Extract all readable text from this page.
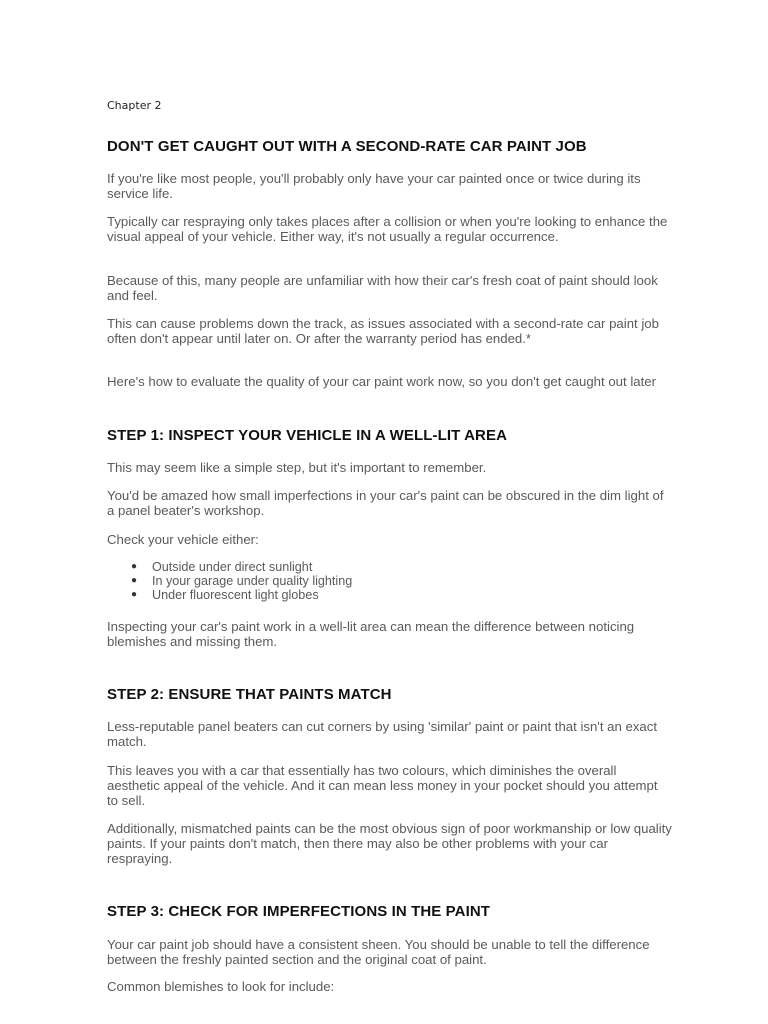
Chapter 2
DON'T GET CAUGHT OUT WITH A SECOND-RATE CAR PAINT JOB

If you're like most people, you'll probably only have your car painted once or twice during its service life.

Typically car respraying only takes places after a collision or when you're looking to enhance the visual appeal of your vehicle. Either way, it's not usually a regular occurrence.

Because of this, many people are unfamiliar with how their car's fresh coat of paint should look and feel.

This can cause problems down the track, as issues associated with a second-rate car paint job often don't appear until later on. Or after the warranty period has ended.*

Here's how to evaluate the quality of your car paint work now, so you don't get caught out later

STEP 1: INSPECT YOUR VEHICLE IN A WELL-LIT AREA

This may seem like a simple step, but it's important to remember.

You'd be amazed how small imperfections in your car's paint can be obscured in the dim light of a panel beater's workshop.

Check your vehicle either:

● Outside under direct sunlight
● In your garage under quality lighting
● Under fluorescent light globes

Inspecting your car's paint work in a well-lit area can mean the difference between noticing blemishes and missing them.

STEP 2: ENSURE THAT PAINTS MATCH

Less-reputable panel beaters can cut corners by using 'similar' paint or paint that isn't an exact match.

This leaves you with a car that essentially has two colours, which diminishes the overall aesthetic appeal of the vehicle. And it can mean less money in your pocket should you attempt to sell.

Additionally, mismatched paints can be the most obvious sign of poor workmanship or low quality paints. If your paints don't match, then there may also be other problems with your car respraying.

STEP 3: CHECK FOR IMPERFECTIONS IN THE PAINT

Your car paint job should have a consistent sheen. You should be unable to tell the difference between the freshly painted section and the original coat of paint.

Common blemishes to look for include:
